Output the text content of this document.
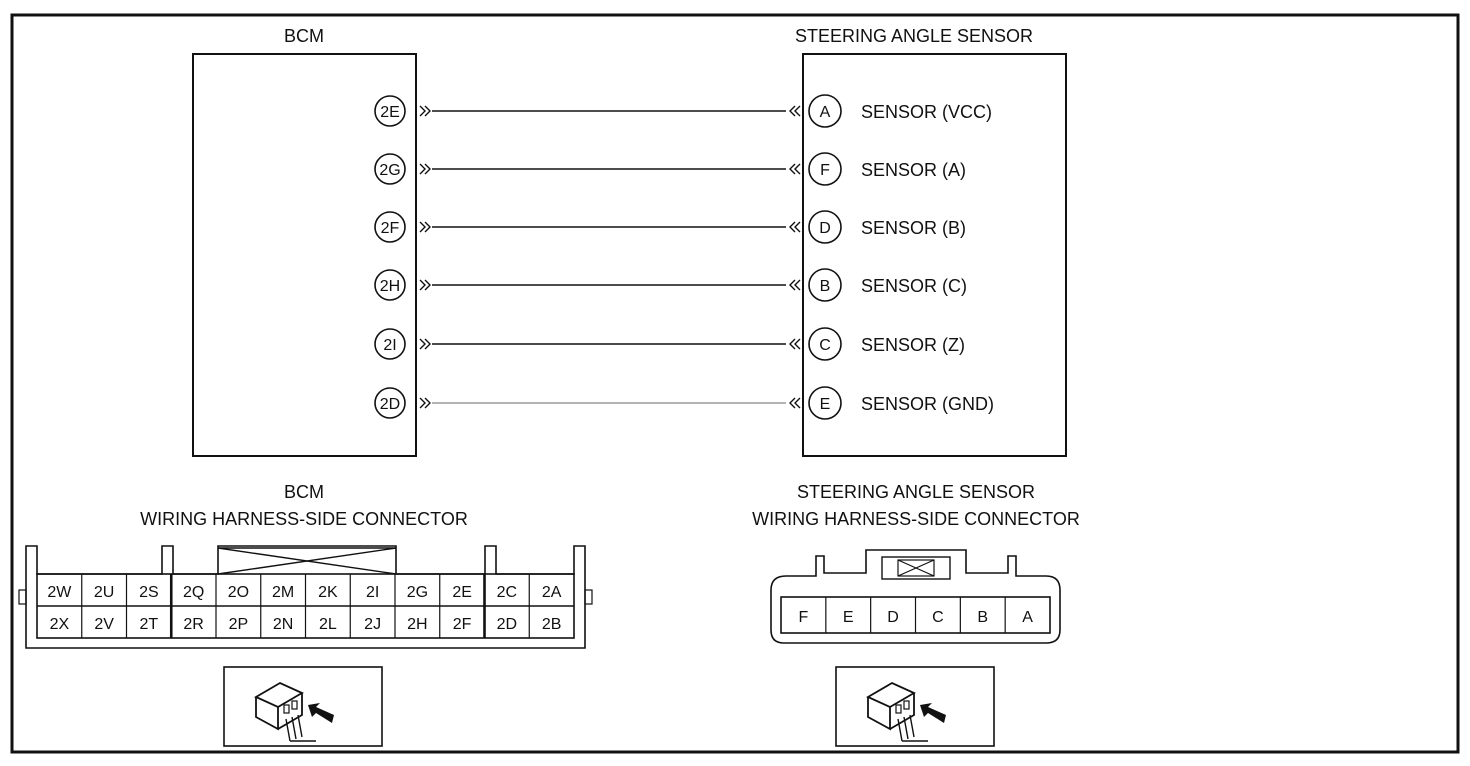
BCM	STEERING ANGLE SENSOR
2E	A SENSOR (VCC)
2G	F SENSOR (A)
2F	D SENSOR (B)
2H	B SENSOR (C)
2I	C SENSOR (Z)
2D	E SENSOR (GND)
BCM
WIRING HARNESS-SIDE CONNECTOR
2W 2U 2S 2Q 2O 2M 2K 2I 2G 2E 2C 2A
2X 2V 2T 2R 2P 2N 2L 2J 2H 2F 2D 2B
STEERING ANGLE SENSOR
WIRING HARNESS-SIDE CONNECTOR
F E D C B A
